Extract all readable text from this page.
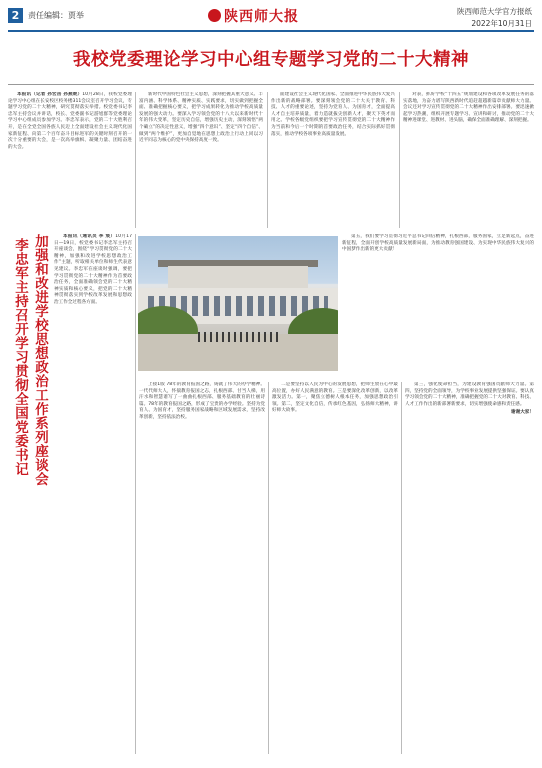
2	责任编辑：贾举	陕西师大报	陕西师范大学官方报纸
2022年10月31日
我校党委理论学习中心组专题学习党的二十大精神

本报讯（记者 孙宏岳 孙燕妮）10月28日，我校党委理论学习中心组在长安校区校务楼311会议室召开学习会议，专题学习党的二十大精神，研究贯彻落实举措。校党委书记李忠军主持会议并讲话，校长、党委副书记游旭群等党委理论学习中心组成员参加学习。李忠军表示，党的二十大胜利召开，是在全党全国各族人民迈上全面建设社会主义现代化国家新征程、向第二个百年奋斗目标进军的关键时刻召开的一次十分重要的大会，是一次高举旗帜、凝聚力量、团结奋进的大会。

新时代中国特色社会主义思想，深刻把握其重大意义、丰富内涵、科学体系、精神实质、实践要求，切实做到把握全面、准确把握核心要义，把学习成果转化为推动学校高质量发展的强大动力。要深入学习领会党的十八大以来新时代十年的伟大变革，坚定历史自信，增强历史主动，深刻领悟“两个确立”的决定性意义，增强“四个意识”、坚定“四个自信”、做到“两个维护”，更加自觉地在思想上政治上行动上同以习近平同志为核心的党中央保持高度一致。

面建设社会主义现代化国家、全面推进中华民族伟大复兴作出新的战略部署。要深刻领会党的二十大关于教育、科技、人才的重要论述，坚持为党育人、为国育才，全面提高人才自主培养质量，着力造就拔尖创新人才，聚天下英才而用之。学校各级党组织要把学习宣传贯彻党的二十大精神作为当前和今后一个时期的首要政治任务，结合实际抓好贯彻落实，推动学校各项事业高质量发展。

对表，抓好学校“十四五”规划建设和各项改革发展任务的落实落地，为奋力谱写陕西新时代追赶超越新篇章贡献师大力量。会议还对学习宣传贯彻党的二十大精神作出安排部署。要迅速掀起学习热潮，组织开展专题学习、宣讲和研讨，推动党的二十大精神进课堂、进教材、进头脑，确保全面准确理解、深刻把握。

加强和改进学校思想政治工作系列座谈会
李忠军主持召开学习贯彻全国党委书记

本报讯（通讯员 李 宸）10月17日—19日，校党委书记李忠军主持召开座谈会，围绕“学习贯彻党的二十大精神，加强和改进学校思想政治工作”主题，听取相关单位和师生代表意见建议。李忠军在座谈时强调，要把学习贯彻党的二十大精神作为首要政治任务，全面准确领会党的二十大精神实质和核心要义，把党的二十大精神贯彻落实到学校改革发展和思想政治工作全过程各方面。

第五，我们要学习贯彻习近平总书记回信精神，扎根西部，服务国家，立足新起点，奋进新征程，全面开创学校高质量发展新局面，为推动教育强国建设、为实现中华民族伟大复兴的中国梦作出新的更大贡献！

上接1版 78年的教育报国之路，铸就了伟大的办学精神。一代代师大人，怀揣教育报国之志，扎根西部、甘当人梯，用汗水和智慧谱写了一曲曲扎根西部、服务基础教育的壮丽诗篇。78年的教育报国之路，形成了宝贵的办学经验。坚持为党育人、为国育才，坚持服务国家战略和区域发展需求，坚持改革创新，坚持依法治校。

二是要坚持以人民为中心的发展思想，把师生放在心中最高位置，办好人民满意的教育。三是要深化改革创新，以改革激发活力。第一，聚焦立德树人根本任务，加强思想政治引领。第二，坚定文化自信，传承红色基因，弘扬师大精神，讲好师大故事。

第三，强化使命担当，为建设教育强国贡献师大力量。第四，坚持党的全面领导，为学校事业发展提供坚强保证。要认真学习领会党的二十大精神，准确把握党的二十大对教育、科技、人才工作作出的新部署新要求，切实增强使命感和责任感。

谢谢大家！
